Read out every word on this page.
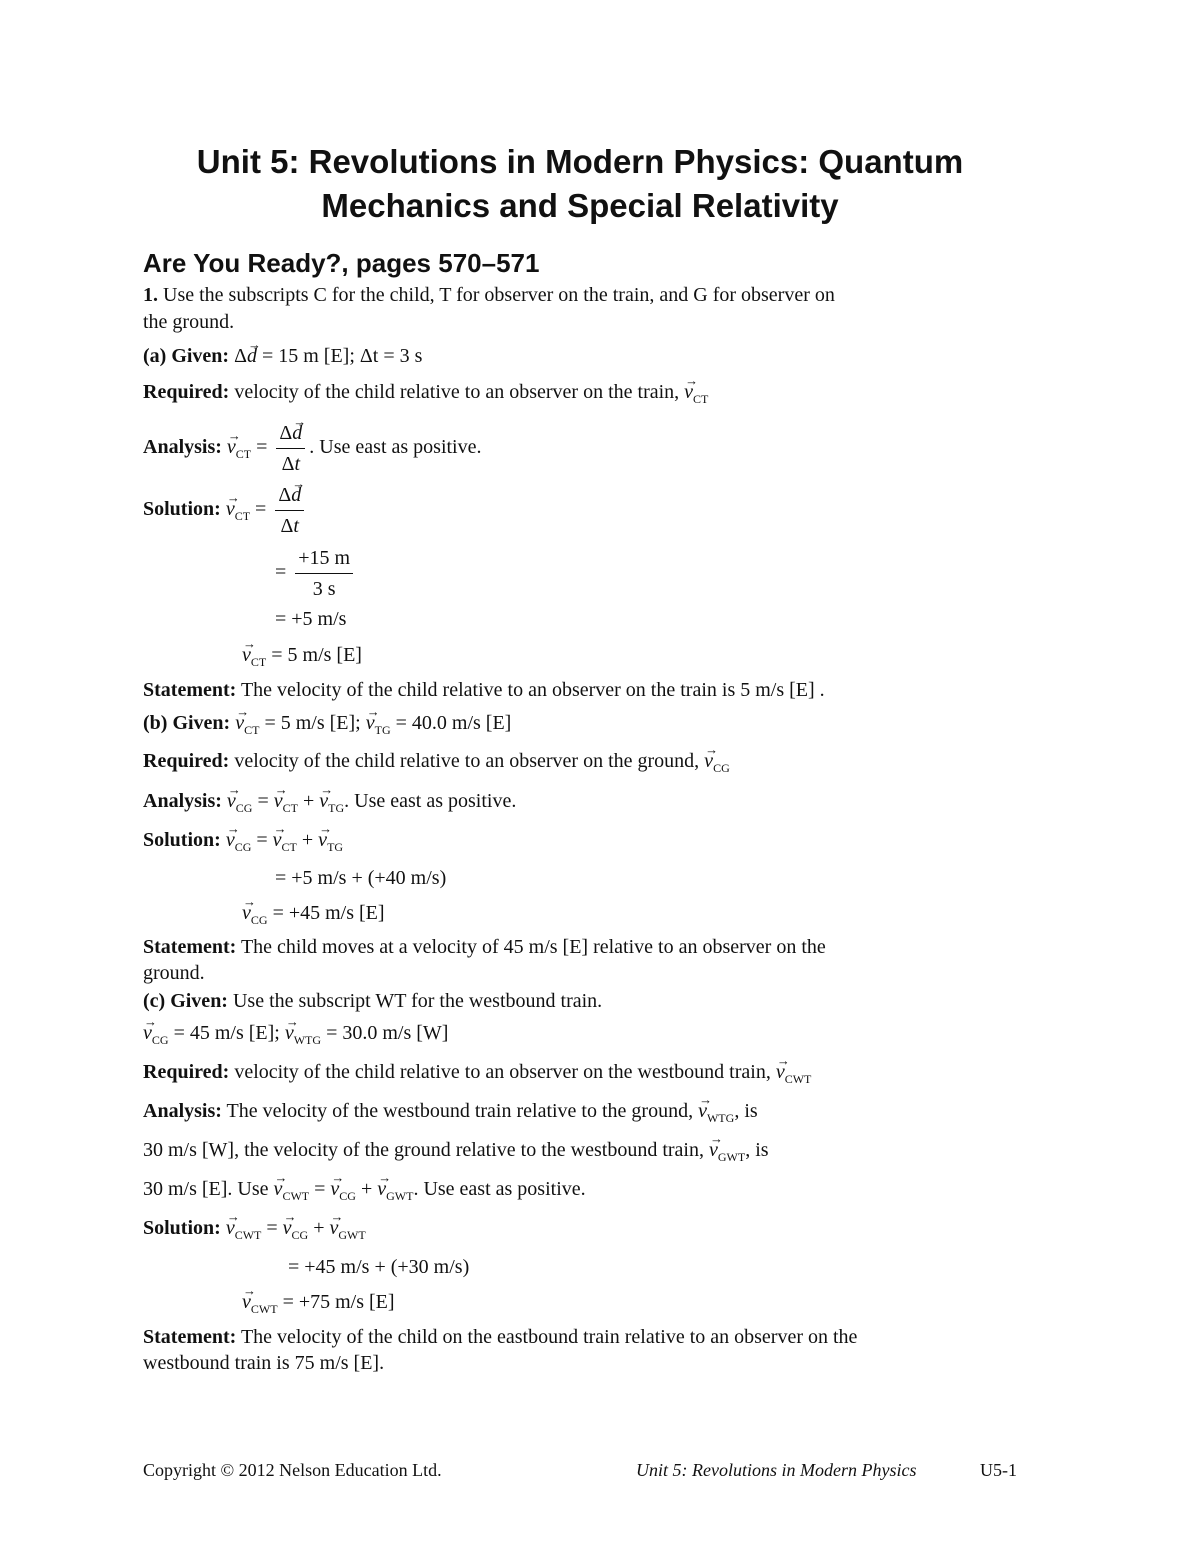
Unit 5: Revolutions in Modern Physics: Quantum
Mechanics and Special Relativity
Are You Ready?, pages 570–571
1. Use the subscripts C for the child, T for observer on the train, and G for observer on
the ground.
(a) Given: Δ→ d = 15 m [E]; Δt = 3 s
Required: velocity of the child relative to an observer on the train, → $v_{CT}$
Analysis: → $v_{CT} = \frac{\Delta\to d}{\Delta t}$ . Use east as positive.
Solution: → $v_{CT} = \frac{\Delta\to d}{\Delta t}$
= $\frac{+15 m}{3 s}$
= +5 m/s
→ $v_{CT} = 5$ m/s [E]
Statement: The velocity of the child relative to an observer on the train is 5 m/s [E] .
(b) Given: → $v_{CT} = 5$ m/s [E]; → $v_{TG} = 40.0$ m/s [E]
Required: velocity of the child relative to an observer on the ground, → $v_{CG}$
Analysis: → $v_{CG}$ = → $v_{CT}$ + → $v_{TG}$. Use east as positive.
Solution: → $v_{CG}$ = → $v_{CT}$ + → $v_{TG}$
= +5 m/s + (+40 m/s)
→ $v_{CG} = +45$ m/s [E]
Statement: The child moves at a velocity of 45 m/s [E] relative to an observer on the
ground.
(c) Given: Use the subscript WT for the westbound train.
→ $v_{CG} = 45$ m/s [E]; → $v_{WTG} = 30.0$ m/s [W]
Required: velocity of the child relative to an observer on the westbound train, → $v_{CWT}$
Analysis: The velocity of the westbound train relative to the ground, → $v_{WTG}$, is
30 m/s [W], the velocity of the ground relative to the westbound train, → $v_{GWT}$, is
30 m/s [E]. Use → $v_{CWT}$ = → $v_{CG}$ + → $v_{GWT}$. Use east as positive.
Solution: → $v_{CWT}$ = → $v_{CG}$ + → $v_{GWT}$
= +45 m/s + (+30 m/s)
→ $v_{CWT} = +75$ m/s [E]
Statement: The velocity of the child on the eastbound train relative to an observer on the
westbound train is 75 m/s [E].
Copyright © 2012 Nelson Education Ltd.	Unit 5: Revolutions in Modern Physics	U5-1
